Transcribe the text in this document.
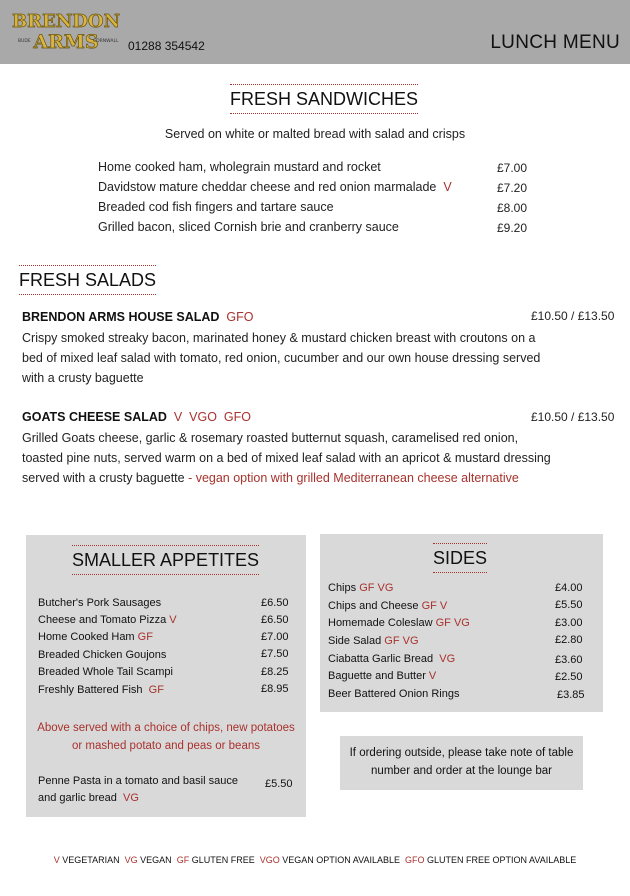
BRENDON
ARMS
BUDE	CORNWALL 01288 354542	LUNCH MENU
FRESH SANDWICHES
Served on white or malted bread with salad and crisps
Home cooked ham, wholegrain mustard and rocket	£7.00
Davidstow mature cheddar cheese and red onion marmalade V	£7.20
Breaded cod fish fingers and tartare sauce	£8.00
Grilled bacon, sliced Cornish brie and cranberry sauce	£9.20
FRESH SALADS
BRENDON ARMS HOUSE SALAD GFO	£10.50 / £13.50
Crispy smoked streaky bacon, marinated honey & mustard chicken breast with croutons on a bed of mixed leaf salad with tomato, red onion, cucumber and our own house dressing served with a crusty baguette
GOATS CHEESE SALAD V  VGO  GFO	£10.50 / £13.50
Grilled Goats cheese, garlic & rosemary roasted butternut squash, caramelised red onion, toasted pine nuts, served warm on a bed of mixed leaf salad with an apricot & mustard dressing served with a crusty baguette - vegan option with grilled Mediterranean cheese alternative
SMALLER APPETITES
Butcher's Pork Sausages	£6.50
Cheese and Tomato Pizza V	£6.50
Home Cooked Ham GF	£7.00
Breaded Chicken Goujons	£7.50
Breaded Whole Tail Scampi	£8.25
Freshly Battered Fish GF	£8.95
Above served with a choice of chips, new potatoes
or mashed potato and peas or beans
Penne Pasta in a tomato and basil sauce
and garlic bread VG
£5.50
SIDES
Chips GF VG	£4.00
Chips and Cheese GF V	£5.50
Homemade Coleslaw GF VG	£3.00
Side Salad GF VG	£2.80
Ciabatta Garlic Bread VG	£3.60
Baguette and Butter V	£2.50
Beer Battered Onion Rings	£3.85
If ordering outside, please take note of table
number and order at the lounge bar
V VEGETARIAN VG VEGAN GF GLUTEN FREE VGO VEGAN OPTION AVAILABLE GFO GLUTEN FREE OPTION AVAILABLE
